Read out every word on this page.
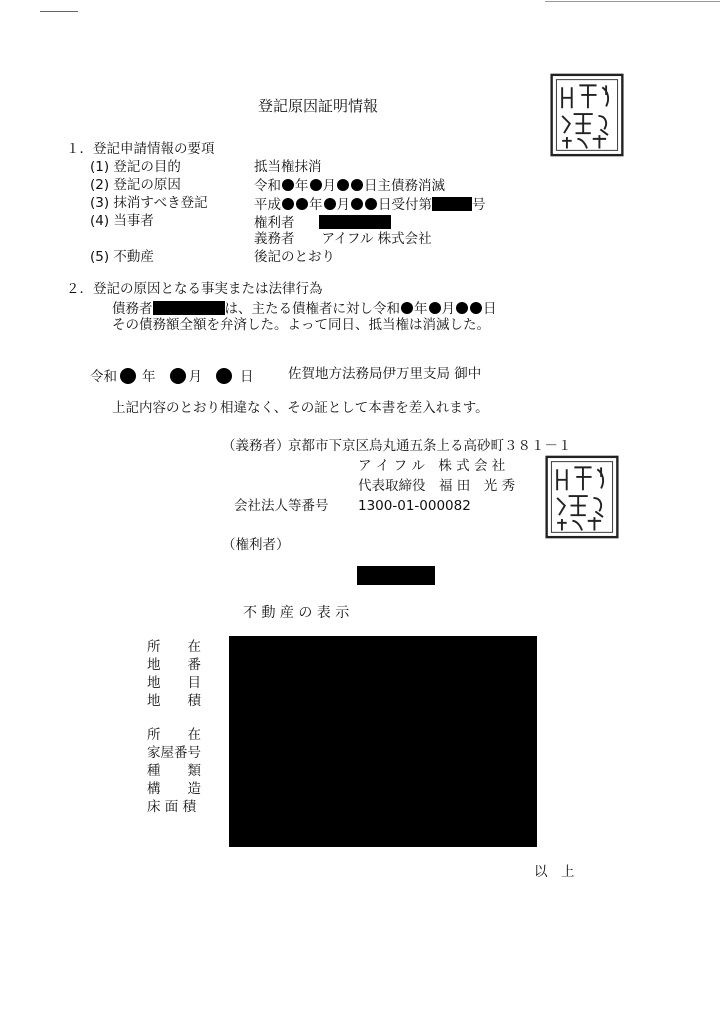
登記原因証明情報
１．登記申請情報の要項
(1) 登記の目的	抵当権抹消
(2) 登記の原因	令和 年 月 日主債務消滅
(3) 抹消すべき登記	平成 年 月 日受付第	号
(4) 当事者	権利者
義務者　　アイフル 株式会社
(5) 不動産	後記のとおり
２．登記の原因となる事実または法律行為
債務者	は、主たる債権者に対し令和 年 月 日
その債務額全額を弁済した。よって同日、抵当権は消滅した。
令和 年 月	日	佐賀地方法務局伊万里支局 御中
上記内容のとおり相違なく、その証として本書を差入れます。
（義務者）
京都市下京区烏丸通五条上る高砂町３８１－１
ア イ フ ル　株 式 会 社
代表取締役　福 田　光 秀
会社法人等番号 1300-01-000082
（権利者）
不 動 産 の 表 示
所　　在
地　　番
地　　目
地　　積
所　　在
家屋番号
種　　類
構　　造
床 面 積
以　上
